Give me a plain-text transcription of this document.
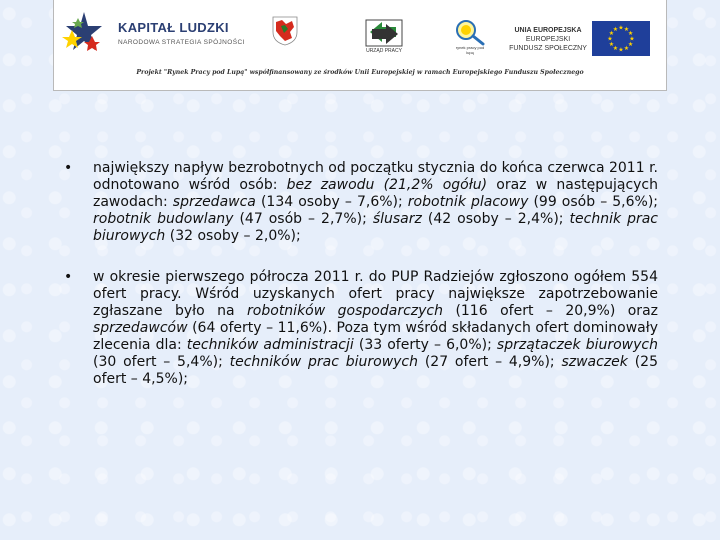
KAPITAŁ LUDZKI
NARODOWA STRATEGIA SPÓJNOŚCI
URZĄD PRACY
rynek pracy pod lupą
UNIA EUROPEJSKA
EUROPEJSKI
FUNDUSZ SPOŁECZNY
★ ★
★
★
★
★
★
★
★
★
★
★
Projekt "Rynek Pracy pod Lupą" współfinansowany ze środków Unii Europejskiej w ramach Europejskiego Funduszu Społecznego
•	największy napływ bezrobotnych od początku stycznia do końca czerwca 2011 r. odnotowano wśród osób: bez zawodu (21,2% ogółu) oraz w następujących zawodach: sprzedawca (134 osoby – 7,6%); robotnik placowy (99 osób – 5,6%); robotnik budowlany (47 osób – 2,7%); ślusarz (42 osoby – 2,4%); technik prac biurowych (32 osoby – 2,0%);
•	w okresie pierwszego półrocza 2011 r. do PUP Radziejów zgłoszono ogółem 554 ofert pracy. Wśród uzyskanych ofert pracy największe zapotrzebowanie zgłaszane było na robotników gospodarczych (116 ofert – 20,9%) oraz sprzedawców (64 oferty – 11,6%). Poza tym wśród składanych ofert dominowały zlecenia dla: techników administracji (33 oferty – 6,0%); sprzątaczek biurowych (30 ofert – 5,4%); techników prac biurowych (27 ofert – 4,9%); szwaczek (25 ofert – 4,5%);
